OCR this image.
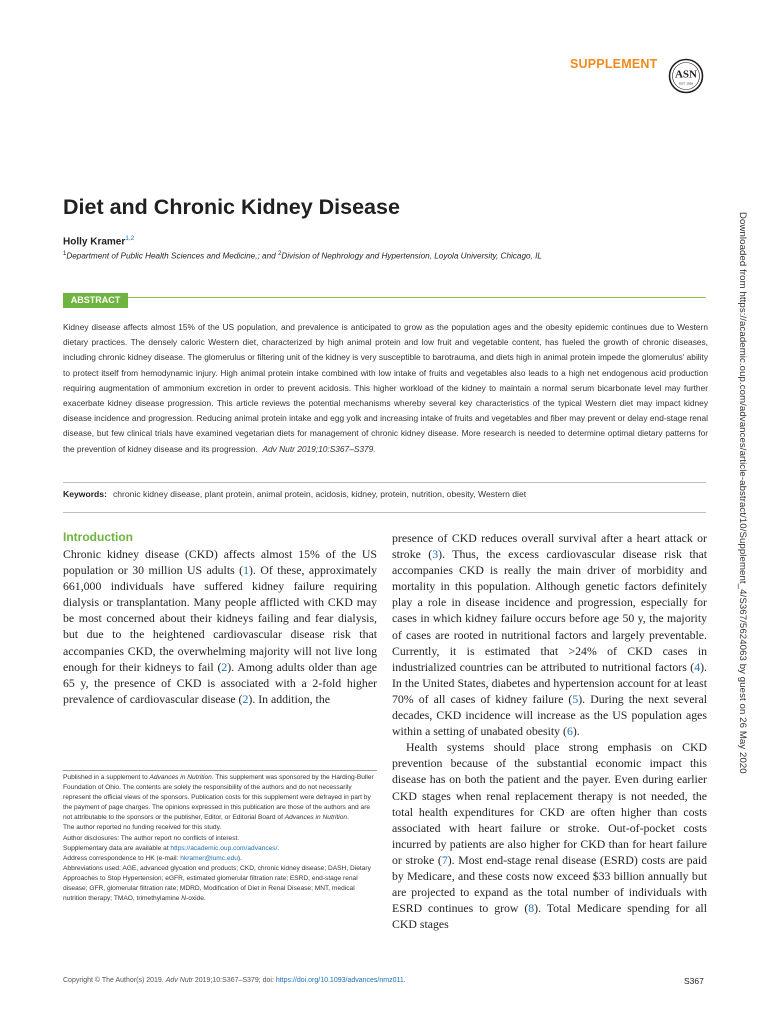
SUPPLEMENT
ASN
EST. 1928
Diet and Chronic Kidney Disease
Holly Kramer$^{1,2}$
$^1$Department of Public Health Sciences and Medicine,; and $^2$Division of Nephrology and Hypertension, Loyola University, Chicago, IL	Downloaded from https://academic.oup.com/advances/article-abstract/10/Supplement_4/S367/5624063 by guest on 26 May 2020
ABSTRACT
Kidney disease affects almost 15% of the US population, and prevalence is anticipated to grow as the population ages and the obesity epidemic continues due to Western dietary practices. The densely caloric Western diet, characterized by high animal protein and low fruit and vegetable content, has fueled the growth of chronic diseases, including chronic kidney disease. The glomerulus or filtering unit of the kidney is very susceptible to barotrauma, and diets high in animal protein impede the glomerulus' ability to protect itself from hemodynamic injury. High animal protein intake combined with low intake of fruits and vegetables also leads to a high net endogenous acid production requiring augmentation of ammonium excretion in order to prevent acidosis. This higher workload of the kidney to maintain a normal serum bicarbonate level may further exacerbate kidney disease progression. This article reviews the potential mechanisms whereby several key characteristics of the typical Western diet may impact kidney disease incidence and progression. Reducing animal protein intake and egg yolk and increasing intake of fruits and vegetables and fiber may prevent or delay end-stage renal disease, but few clinical trials have examined vegetarian diets for management of chronic kidney disease. More research is needed to determine optimal dietary patterns for the prevention of kidney disease and its progression. Adv Nutr 2019;10:S367–S379.
Keywords: chronic kidney disease, plant protein, animal protein, acidosis, kidney, protein, nutrition, obesity, Western diet
Introduction
Chronic kidney disease (CKD) affects almost 15% of the US population or 30 million US adults (1). Of these, approximately 661,000 individuals have suffered kidney failure requiring dialysis or transplantation. Many people afflicted with CKD may be most concerned about their kidneys failing and fear dialysis, but due to the heightened cardiovascular disease risk that accompanies CKD, the overwhelming majority will not live long enough for their kidneys to fail (2). Among adults older than age 65 y, the presence of CKD is associated with a 2-fold higher prevalence of cardiovascular disease (2). In addition, the

presence of CKD reduces overall survival after a heart attack or stroke (3). Thus, the excess cardiovascular disease risk that accompanies CKD is really the main driver of morbidity and mortality in this population. Although genetic factors definitely play a role in disease incidence and progression, especially for cases in which kidney failure occurs before age 50 y, the majority of cases are rooted in nutritional factors and largely preventable. Currently, it is estimated that >24% of CKD cases in industrialized countries can be attributed to nutritional factors (4). In the United States, diabetes and hypertension account for at least 70% of all cases of kidney failure (5). During the next several decades, CKD incidence will increase as the US population ages within a setting of unabated obesity (6).

Health systems should place strong emphasis on CKD prevention because of the substantial economic impact this disease has on both the patient and the payer. Even during earlier CKD stages when renal replacement therapy is not needed, the total health expenditures for CKD are often higher than costs associated with heart failure or stroke. Out-of-pocket costs incurred by patients are also higher for CKD than for heart failure or stroke (7). Most end-stage renal disease (ESRD) costs are paid by Medicare, and these costs now exceed $33 billion annually but are projected to expand as the total number of individuals with ESRD continues to grow (8). Total Medicare spending for all CKD stages

Published in a supplement to Advances in Nutrition. This supplement was sponsored by the Harding-Buller Foundation of Ohio. The contents are solely the responsibility of the authors and do not necessarily represent the official views of the sponsors. Publication costs for this supplement were defrayed in part by the payment of page charges. The opinions expressed in this publication are those of the authors and are not attributable to the sponsors or the publisher, Editor, or Editorial Board of Advances in Nutrition.
The author reported no funding received for this study.
Author disclosures: The author report no conflicts of interest.
Supplementary data are available at https://academic.oup.com/advances/.
Address correspondence to HK (e-mail: hkramer@lumc.edu).
Abbreviations used: AGE, advanced glycation end products; CKD, chronic kidney disease; DASH, Dietary Approaches to Stop Hypertension; eGFR, estimated glomerular filtration rate; ESRD, end-stage renal disease; GFR, glomerular filtration rate; MDRD, Modification of Diet in Renal Disease; MNT, medical nutrition therapy; TMAO, trimethylamine N-oxide.
Copyright © The Author(s) 2019. Adv Nutr 2019;10:S367–S379; doi: https://doi.org/10.1093/advances/nmz011.	S367
